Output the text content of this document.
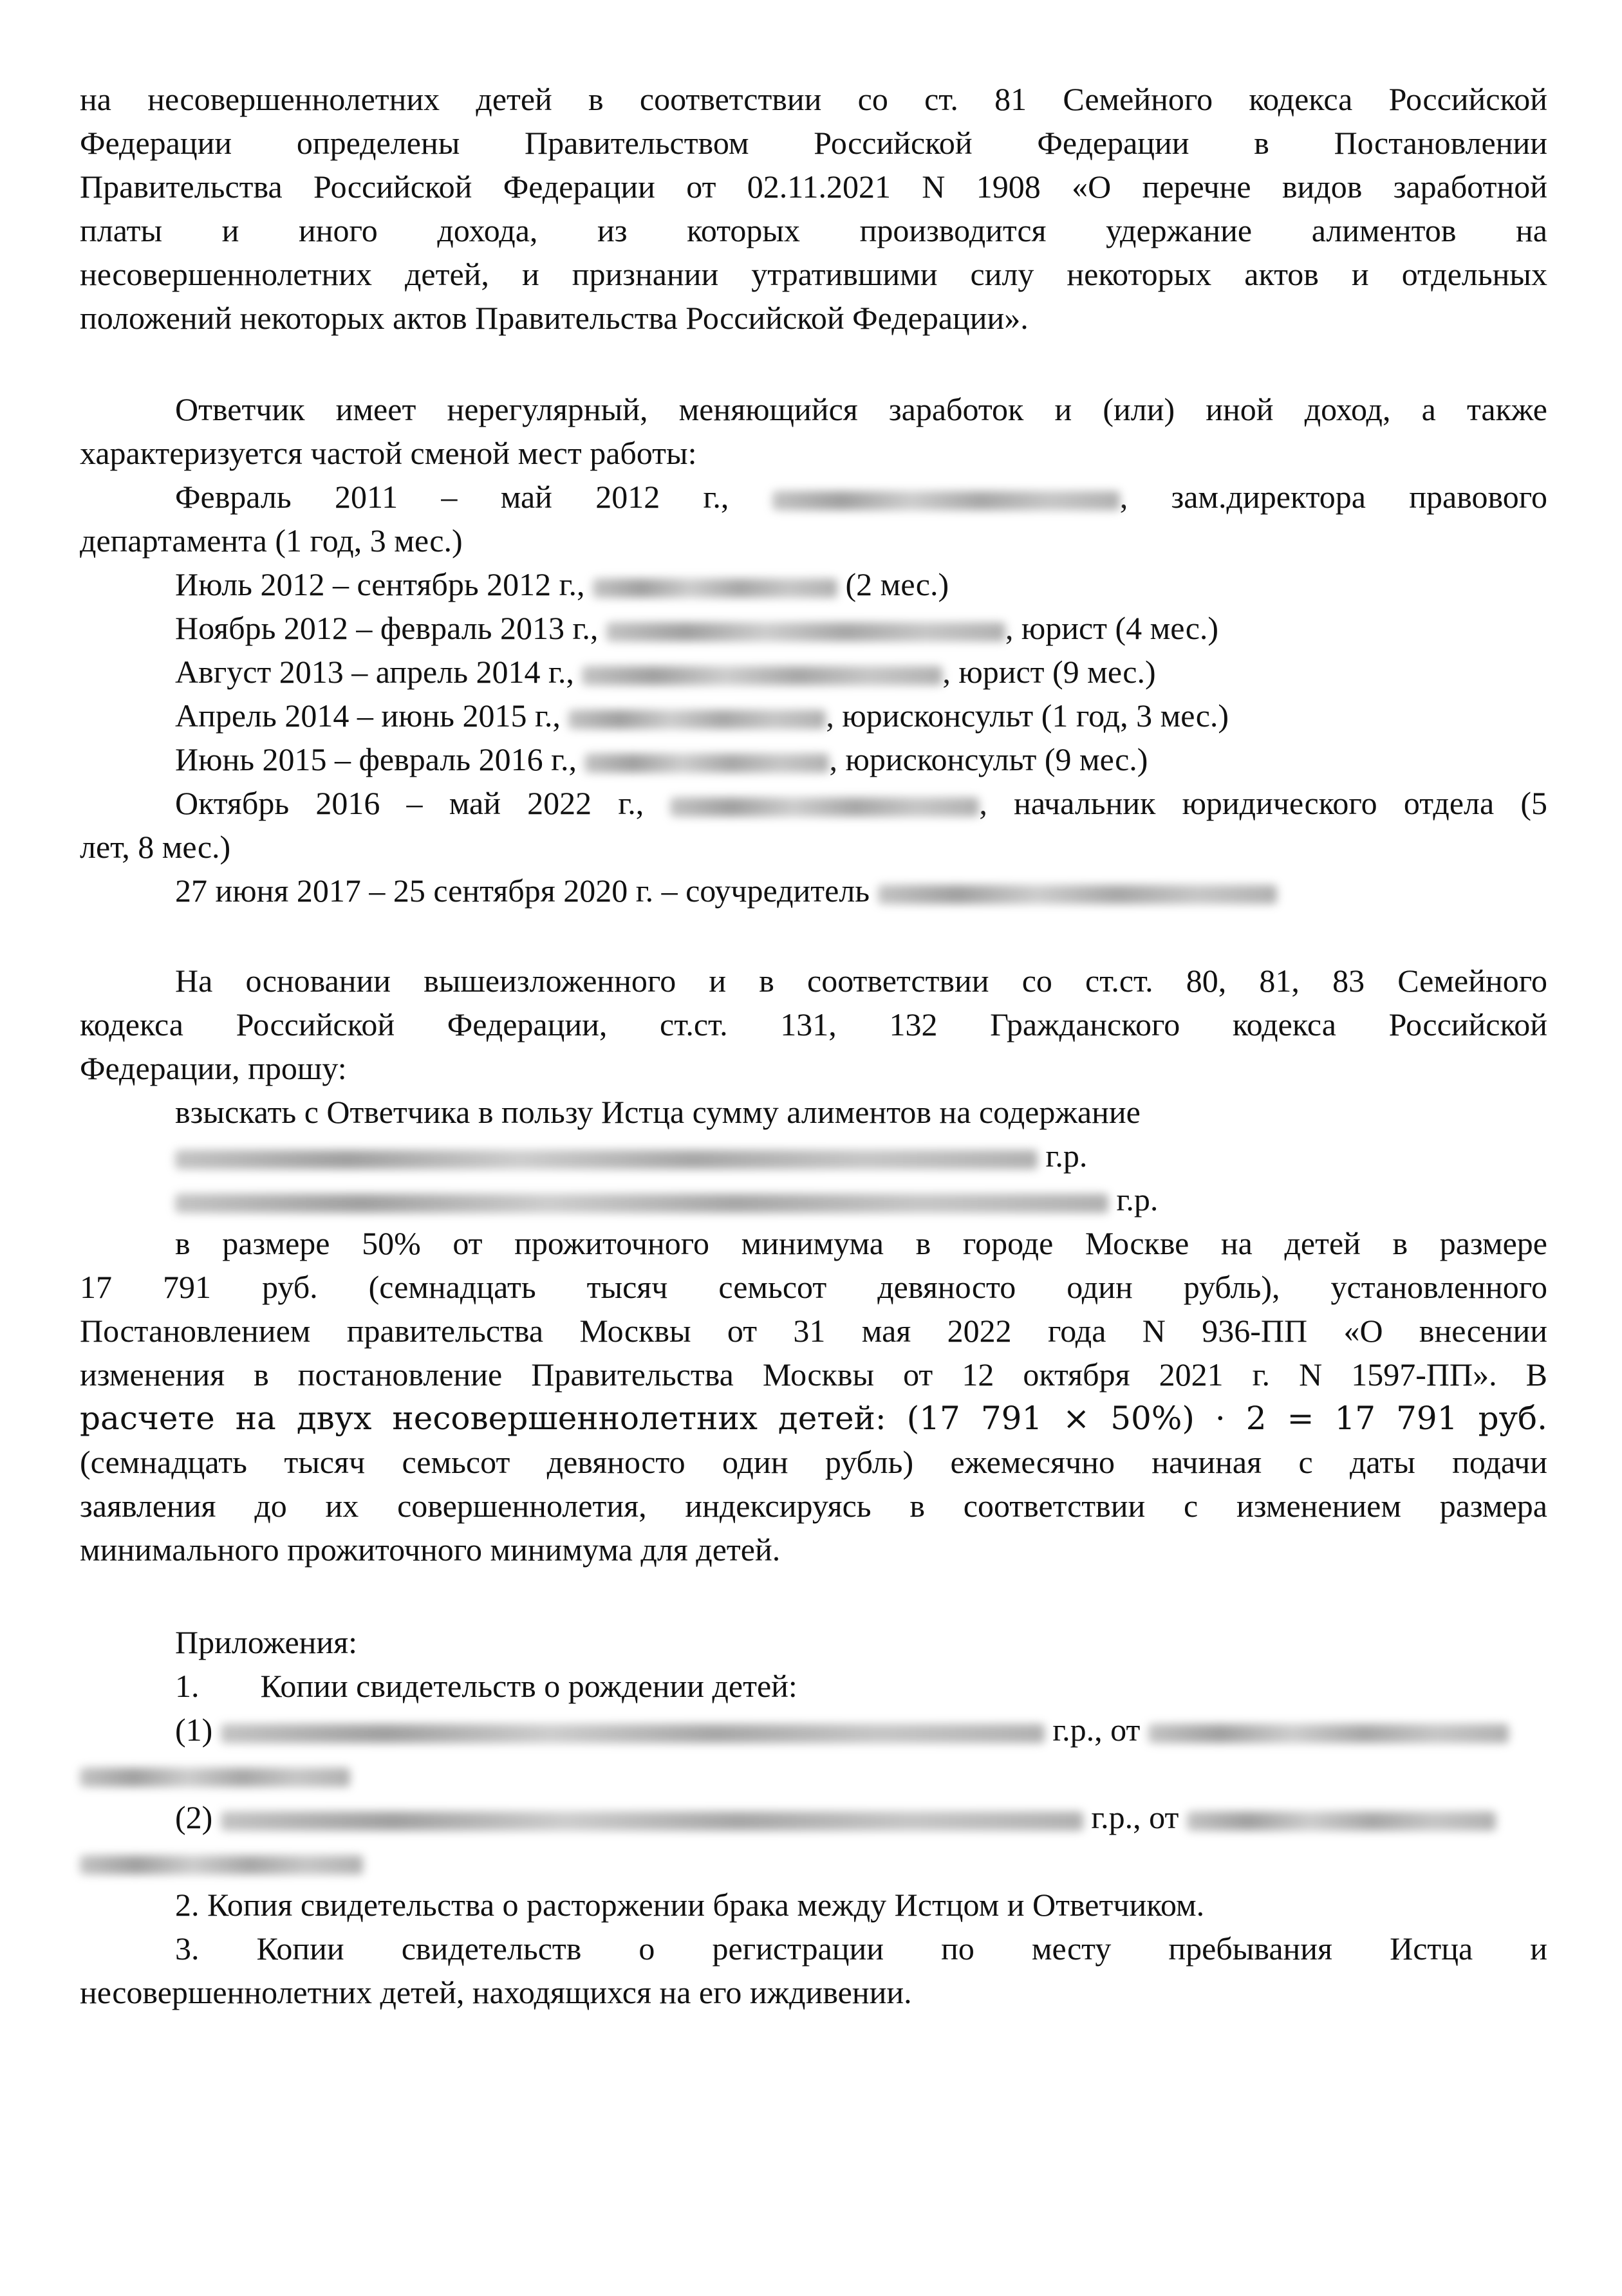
на несовершеннолетних детей в соответствии со ст. 81 Семейного кодекса Российской
Федерации определены Правительством Российской Федерации в Постановлении
Правительства Российской Федерации от 02.11.2021 N 1908 «О перечне видов заработной
платы и иного дохода, из которых производится удержание алиментов на
несовершеннолетних детей, и признании утратившими силу некоторых актов и отдельных
положений некоторых актов Правительства Российской Федерации».
Ответчик имеет нерегулярный, меняющийся заработок и (или) иной доход, а также
характеризуется частой сменой мест работы:
Февраль 2011 – май 2012 г.,	, зам.директора правового
департамента (1 год, 3 мес.)
Июль 2012 – сентябрь 2012 г.,	(2 мес.)
Ноябрь 2012 – февраль 2013 г.,	, юрист (4 мес.)
Август 2013 – апрель 2014 г.,	, юрист (9 мес.)
Апрель 2014 – июнь 2015 г.,	, юрисконсульт (1 год, 3 мес.)
Июнь 2015 – февраль 2016 г.,	, юрисконсульт (9 мес.)
Октябрь 2016 – май 2022 г.,	, начальник юридического отдела (5
лет, 8 мес.)
27 июня 2017 – 25 сентября 2020 г. – соучредитель
На основании вышеизложенного и в соответствии со ст.ст. 80, 81, 83 Семейного
кодекса Российской Федерации, ст.ст. 131, 132 Гражданского кодекса Российской
Федерации, прошу:
взыскать с Ответчика в пользу Истца сумму алиментов на содержание
г.р.
г.р.
в размере 50% от прожиточного минимума в городе Москве на детей в размере
17 791 руб. (семнадцать тысяч семьсот девяносто один рубль), установленного
Постановлением правительства Москвы от 31 мая 2022 года N 936-ПП «О внесении
изменения в постановление Правительства Москвы от 12 октября 2021 г. N 1597-ПП». В
расчете на двух несовершеннолетних детей: (17 791 × 50%) · 2 = 17 791 руб.
(семнадцать тысяч семьсот девяносто один рубль) ежемесячно начиная с даты подачи
заявления до их совершеннолетия, индексируясь в соответствии с изменением размера
минимального прожиточного минимума для детей.
Приложения:
1. Копии свидетельств о рождении детей:
(1)	г.р., от
(2)	г.р., от
2. Копия свидетельства о расторжении брака между Истцом и Ответчиком.
3. Копии свидетельств о регистрации по месту пребывания Истца и
несовершеннолетних детей, находящихся на его иждивении.
